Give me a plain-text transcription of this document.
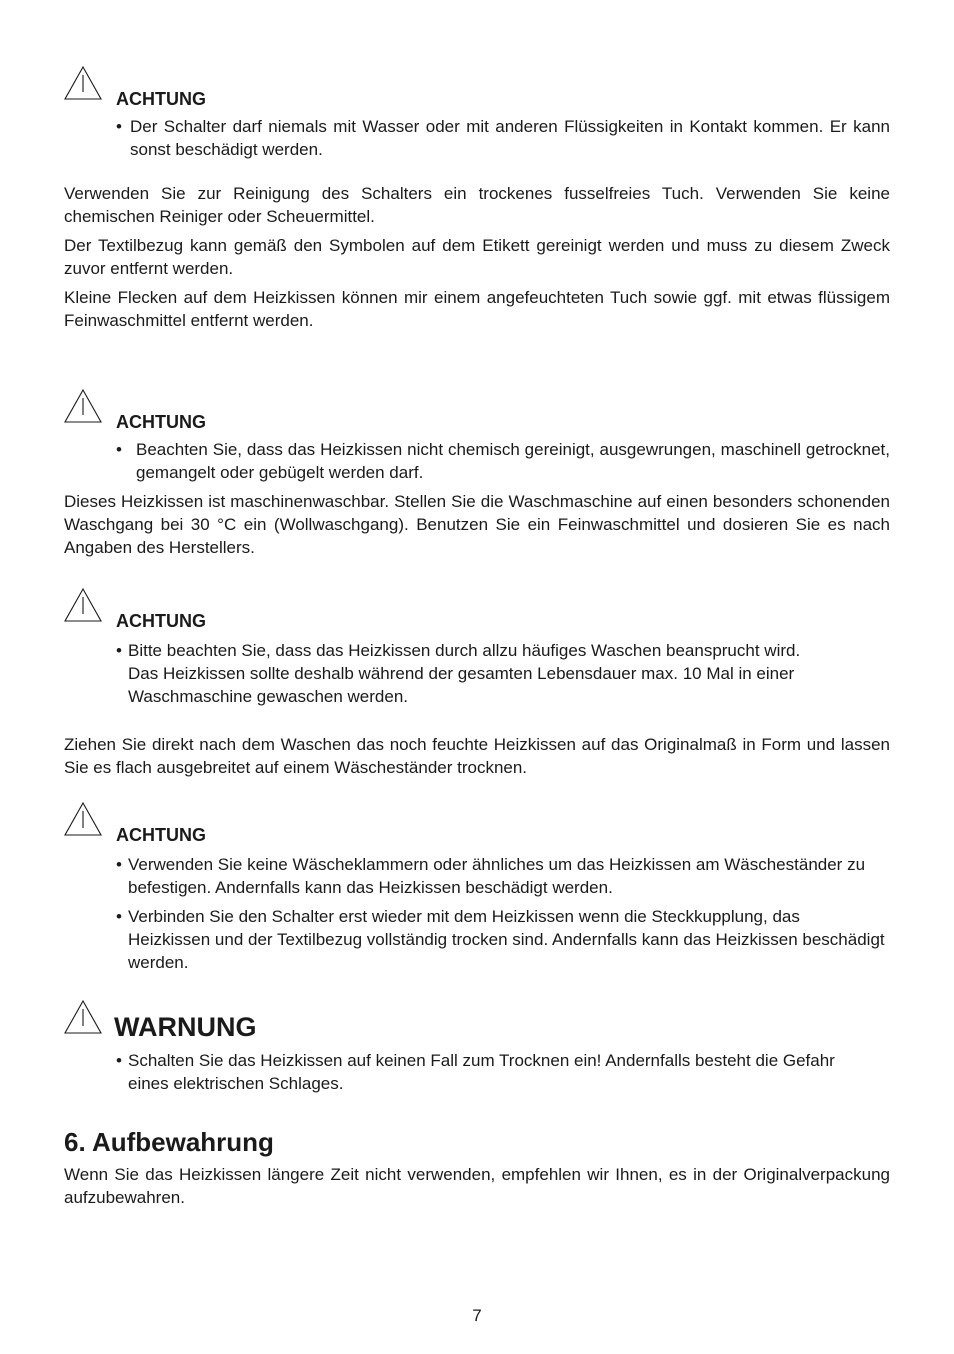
ACHTUNG

• Der Schalter darf niemals mit Wasser oder mit anderen Flüssigkeiten in Kontakt kommen. Er kann sonst beschädigt werden.

Verwenden Sie zur Reinigung des Schalters ein trockenes fusselfreies Tuch. Verwenden Sie keine chemischen Reiniger oder Scheuermittel.

Der Textilbezug kann gemäß den Symbolen auf dem Etikett gereinigt werden und muss zu diesem Zweck zuvor entfernt werden.

Kleine Flecken auf dem Heizkissen können mir einem angefeuchteten Tuch sowie ggf. mit etwas flüssigem Feinwaschmittel entfernt werden.

ACHTUNG

• Beachten Sie, dass das Heizkissen nicht chemisch gereinigt, ausgewrungen, maschinell getrocknet, gemangelt oder gebügelt werden darf.

Dieses Heizkissen ist maschinenwaschbar. Stellen Sie die Waschmaschine auf einen besonders schonenden Waschgang bei 30 °C ein (Wollwaschgang). Benutzen Sie ein Feinwaschmittel und dosieren Sie es nach Angaben des Herstellers.

ACHTUNG

• Bitte beachten Sie, dass das Heizkissen durch allzu häufiges Waschen beansprucht wird. Das Heizkissen sollte deshalb während der gesamten Lebensdauer max. 10 Mal in einer Waschmaschine gewaschen werden.

Ziehen Sie direkt nach dem Waschen das noch feuchte Heizkissen auf das Originalmaß in Form und lassen Sie es flach ausgebreitet auf einem Wäscheständer trocknen.

ACHTUNG

• Verwenden Sie keine Wäscheklammern oder ähnliches um das Heizkissen am Wäscheständer zu befestigen. Andernfalls kann das Heizkissen beschädigt werden.

• Verbinden Sie den Schalter erst wieder mit dem Heizkissen wenn die Steckkupplung, das Heizkissen und der Textilbezug vollständig trocken sind. Andernfalls kann das Heizkissen beschädigt werden.

WARNUNG

• Schalten Sie das Heizkissen auf keinen Fall zum Trocknen ein! Andernfalls besteht die Gefahr eines elektrischen Schlages.

6. Aufbewahrung

Wenn Sie das Heizkissen längere Zeit nicht verwenden, empfehlen wir Ihnen, es in der Originalverpackung aufzubewahren.

7
